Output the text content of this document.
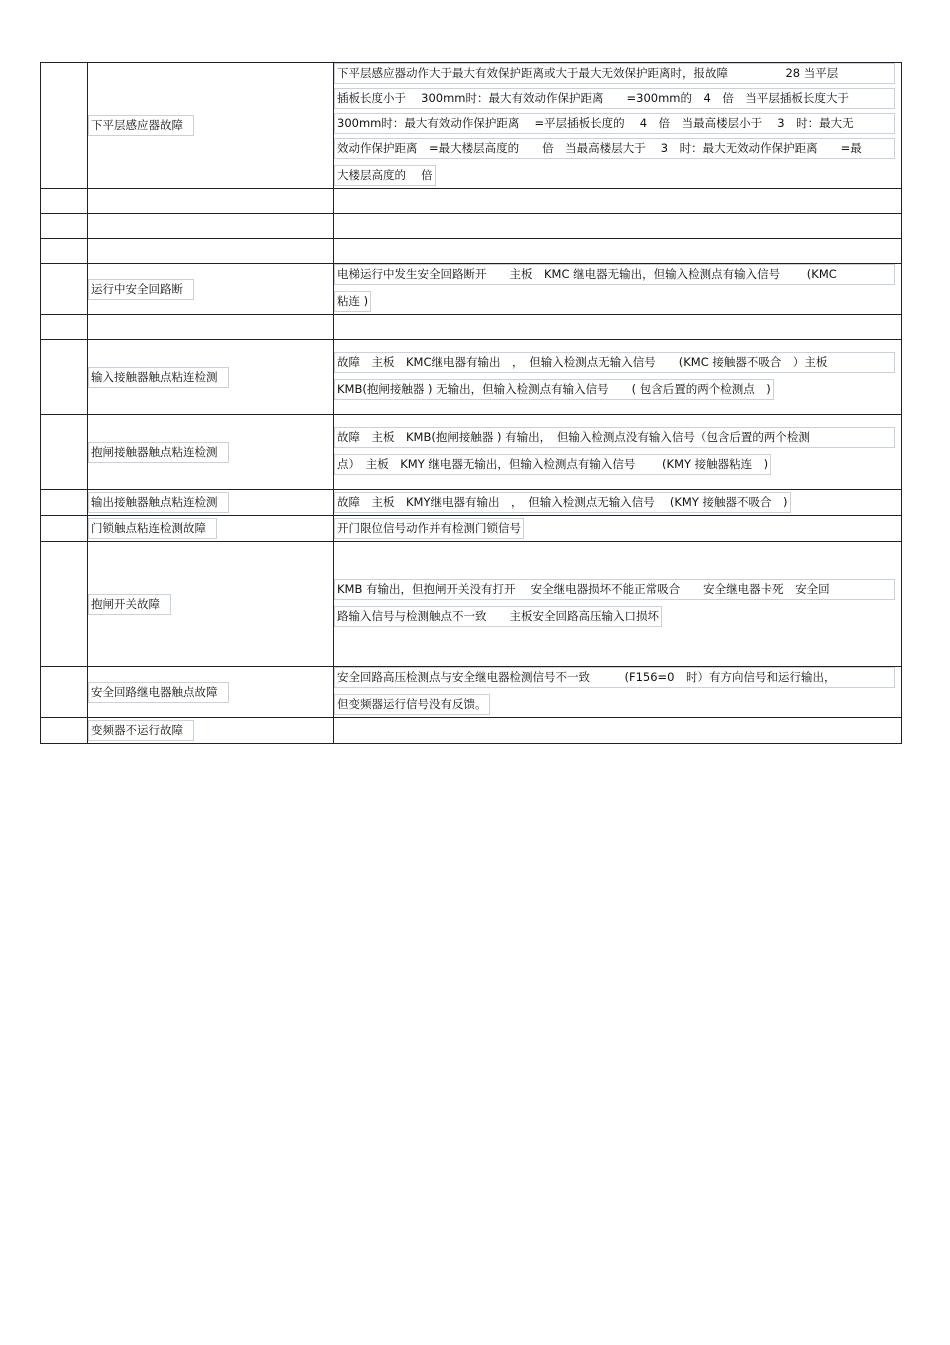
	下平层感应器故障	下平层感应器动作大于最大有效保护距离或大于最大无效保护距离时，报故障　　　　　28 当平层
插板长度小于　 300mm时：最大有效动作保护距离　　=300mm的　4　倍　当平层插板长度大于
300mm时：最大有效动作保护距离　 =平层插板长度的　 4　倍　当最高楼层小于　 3　时：最大无
效动作保护距离　=最大楼层高度的　　倍　当最高楼层大于　 3　时：最大无效动作保护距离　　=最
大楼层高度的　 倍

	运行中安全回路断	电梯运行中发生安全回路断开　　主板　KMC 继电器无输出，但输入检测点有输入信号　　 (KMC
粘连 )

	输入接触器触点粘连检测	故障　主板　KMC继电器有输出　，　但输入检测点无输入信号　　(KMC 接触器不吸合　）主板
KMB(抱闸接触器 ) 无输出，但输入检测点有输入信号　　( 包含后置的两个检测点　)

	抱闸接触器触点粘连检测	故障　主板　KMB(抱闸接触器 ) 有输出，　但输入检测点没有输入信号（包含后置的两个检测
点）　主板　KMY 继电器无输出，但输入检测点有输入信号　　 (KMY 接触器粘连　)

	输出接触器触点粘连检测	故障　主板　KMY继电器有输出　，　但输入检测点无输入信号　 (KMY 接触器不吸合　)

	门锁触点粘连检测故障	开门限位信号动作并有检测门锁信号

	抱闸开关故障	KMB 有输出，但抱闸开关没有打开　 安全继电器损坏不能正常吸合　　安全继电器卡死　安全回
路输入信号与检测触点不一致　　主板安全回路高压输入口损坏

	安全回路继电器触点故障	安全回路高压检测点与安全继电器检测信号不一致　　　(F156=0　时）有方向信号和运行输出，
但变频器运行信号没有反馈。

	变频器不运行故障	
